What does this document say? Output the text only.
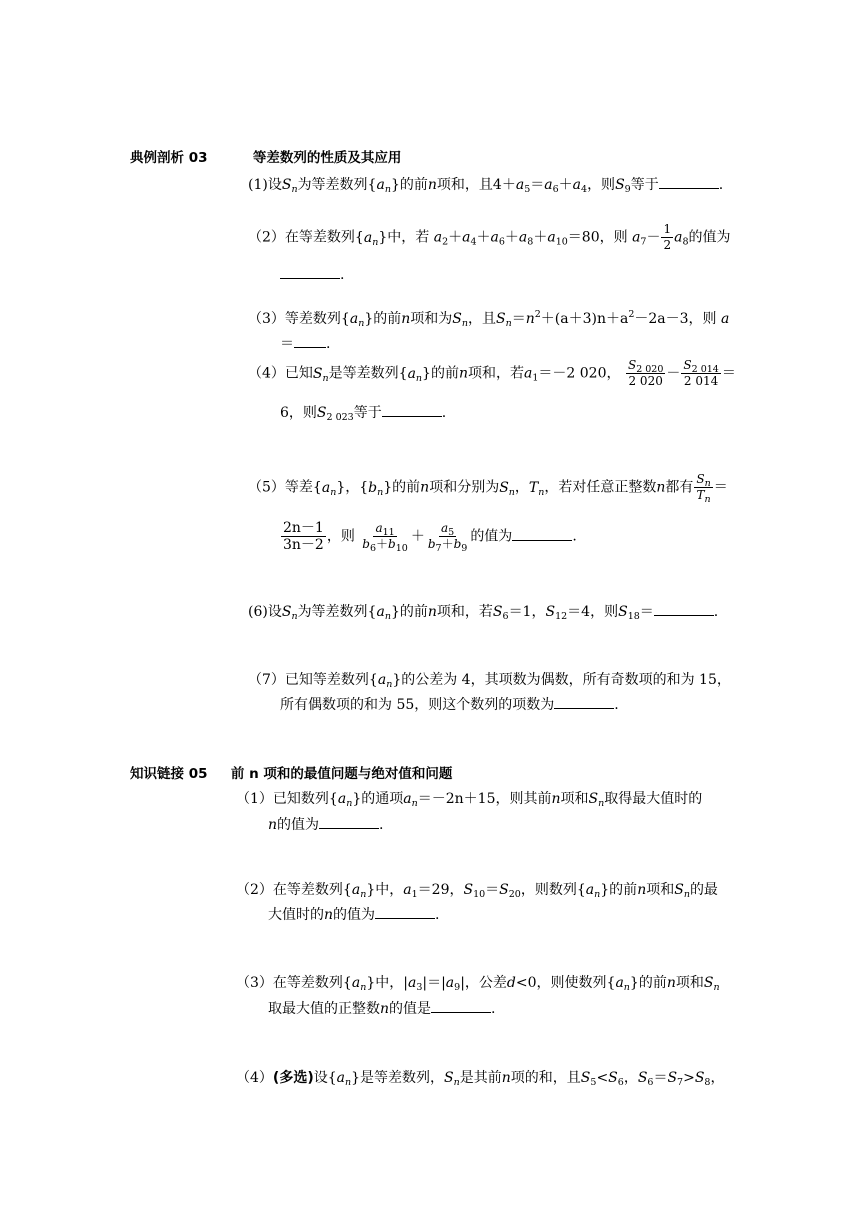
典例剖析 03	等差数列的性质及其应用
(1)设$S_n$为等差数列$\{a_n\}$的前n项和，且$4+a_5=a_6+a_4$，则$S_9$等于	.
（2）在等差数列$\{a_n\}$中，若 $a_2+a_4+a_6+a_8+a_{10}=80$，则 $a_7- \frac{1}{2} a_8$的值为
.
（3）等差数列$\{a_n\}$的前n项和为$S_n$，且$S_n=n^2+(a+3)n+a^2-2a-3$，则 a
＝ .
（4）已知$S_n$是等差数列$\{a_n\}$的前n项和，若$a_1=-2$ 020， $\frac{S_{2 020}}{2 020} - \frac{S_{2 014}}{2 014}$ ＝
6，则$S_{2 023}$等于	.
（5）等差$\{a_n\}$，$\{b_n\}$的前n项和分别为$S_n$，$T_n$，若对任意正整数n都有 $\frac{S_n}{T_n}$ ＝
$\frac{2n-1}{3n-2}$ ，则 $\frac{a_{11}}{b_6+b_{10}} + \frac{a_5}{b_7+b_9}$ 的值为	.
(6)设$S_n$为等差数列$\{a_n\}$的前n项和，若$S_6=1$，$S_{12}=4$，则$S_{18}=$	.
（7）已知等差数列$\{a_n\}$的公差为 4，其项数为偶数，所有奇数项的和为 15，
所有偶数项的和为 55，则这个数列的项数为	.
知识链接 05 前 n 项和的最值问题与绝对值和问题
（1）已知数列$\{a_n\}$的通项$a_n=-2n+15$，则其前n项和$S_n$取得最大值时的
n的值为	.
（2）在等差数列$\{a_n\}$中，$a_1=29$，$S_{10}=S_{20}$，则数列$\{a_n\}$的前n项和$S_n$的最
大值时的n的值为	.
（3）在等差数列$\{a_n\}$中，$|a_3|=|a_9|$，公差d<0，则使数列$\{a_n\}$的前n项和$S_n$
取最大值的正整数n的值是	.
（4）(多选)设$\{a_n\}$是等差数列，$S_n$是其前n项的和，且$S_5<S_6$，$S_6=S_7>S_8$，
